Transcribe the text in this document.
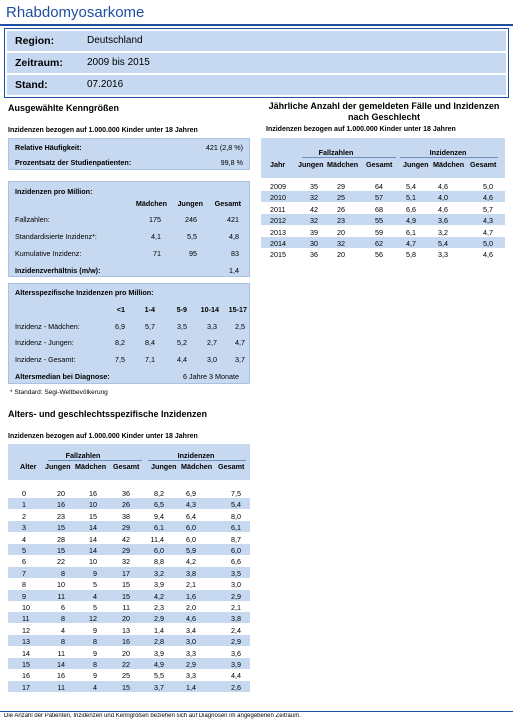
Rhabdomyosarkome
Region:	Deutschland
Zeitraum: 2009 bis 2015
Stand:	07.2016
Ausgewählte Kenngrößen
Inzidenzen bezogen auf 1.000.000 Kinder unter 18 Jahren
Relative Häufigkeit:	421 (2,8 %)
Prozentsatz der Studienpatienten:	99,8 %
Inzidenzen pro Million:
Mädchen Jungen Gesamt
Fallzahlen:	175	246	421
Standardisierte Inzidenz*:	4,1	5,5	4,8
Kumulative Inzidenz:	71	95	83
Inzidenzverhältnis (m/w):	1,4
Altersspezifische Inzidenzen pro Million:
<1	1-4	5-9	10-14	15-17
Inzidenz - Mädchen:	6,9	5,7	3,5	3,3	2,5
Inzidenz - Jungen:	8,2	8,4	5,2	2,7	4,7
Inzidenz - Gesamt:	7,5	7,1	4,4	3,0	3,7
Altersmedian bei Diagnose:	6 Jahre 3 Monate
* Standard: Segi-Weltbevölkerung
Jährliche Anzahl der gemeldeten Fälle und Inzidenzen nach Geschlecht
Inzidenzen bezogen auf 1.000.000 Kinder unter 18 Jahren
Fallzahlen	Inzidenzen
Jahr Jungen Mädchen Gesamt Jungen Mädchen Gesamt
2009	35	29	64	5,4	4,6	5,0
2010	32	25	57	5,1	4,0	4,6
2011	42	26	68	6,6	4,6	5,7
2012	32	23	55	4,9	3,6	4,3
2013	39	20	59	6,1	3,2	4,7
2014	30	32	62	4,7	5,4	5,0
2015	36	20	56	5,8	3,3	4,6
Alters- und geschlechtsspezifische Inzidenzen
Inzidenzen bezogen auf 1.000.000 Kinder unter 18 Jahren
Fallzahlen	Inzidenzen
Alter Jungen Mädchen Gesamt Jungen Mädchen Gesamt
0	20	16	36	8,2	6,9	7,5
1	16	10	26	6,5	4,3	5,4
2	23	15	38	9,4	6,4	8,0
3	15	14	29	6,1	6,0	6,1
4	28	14	42	11,4	6,0	8,7
5	15	14	29	6,0	5,9	6,0
6	22	10	32	8,8	4,2	6,6
7	8	9	17	3,2	3,8	3,5
8	10	5	15	3,9	2,1	3,0
9	11	4	15	4,2	1,6	2,9
10	6	5	11	2,3	2,0	2,1
11	8	12	20	2,9	4,6	3,8
12	4	9	13	1,4	3,4	2,4
13	8	8	16	2,8	3,0	2,9
14	11	9	20	3,9	3,3	3,6
15	14	8	22	4,9	2,9	3,9
16	16	9	25	5,5	3,3	4,4
17	11	4	15	3,7	1,4	2,6
Die Anzahl der Patienten, Inzidenzen und Kenngrößen beziehen sich auf Diagnosen im angegebenen Zeitraum.
